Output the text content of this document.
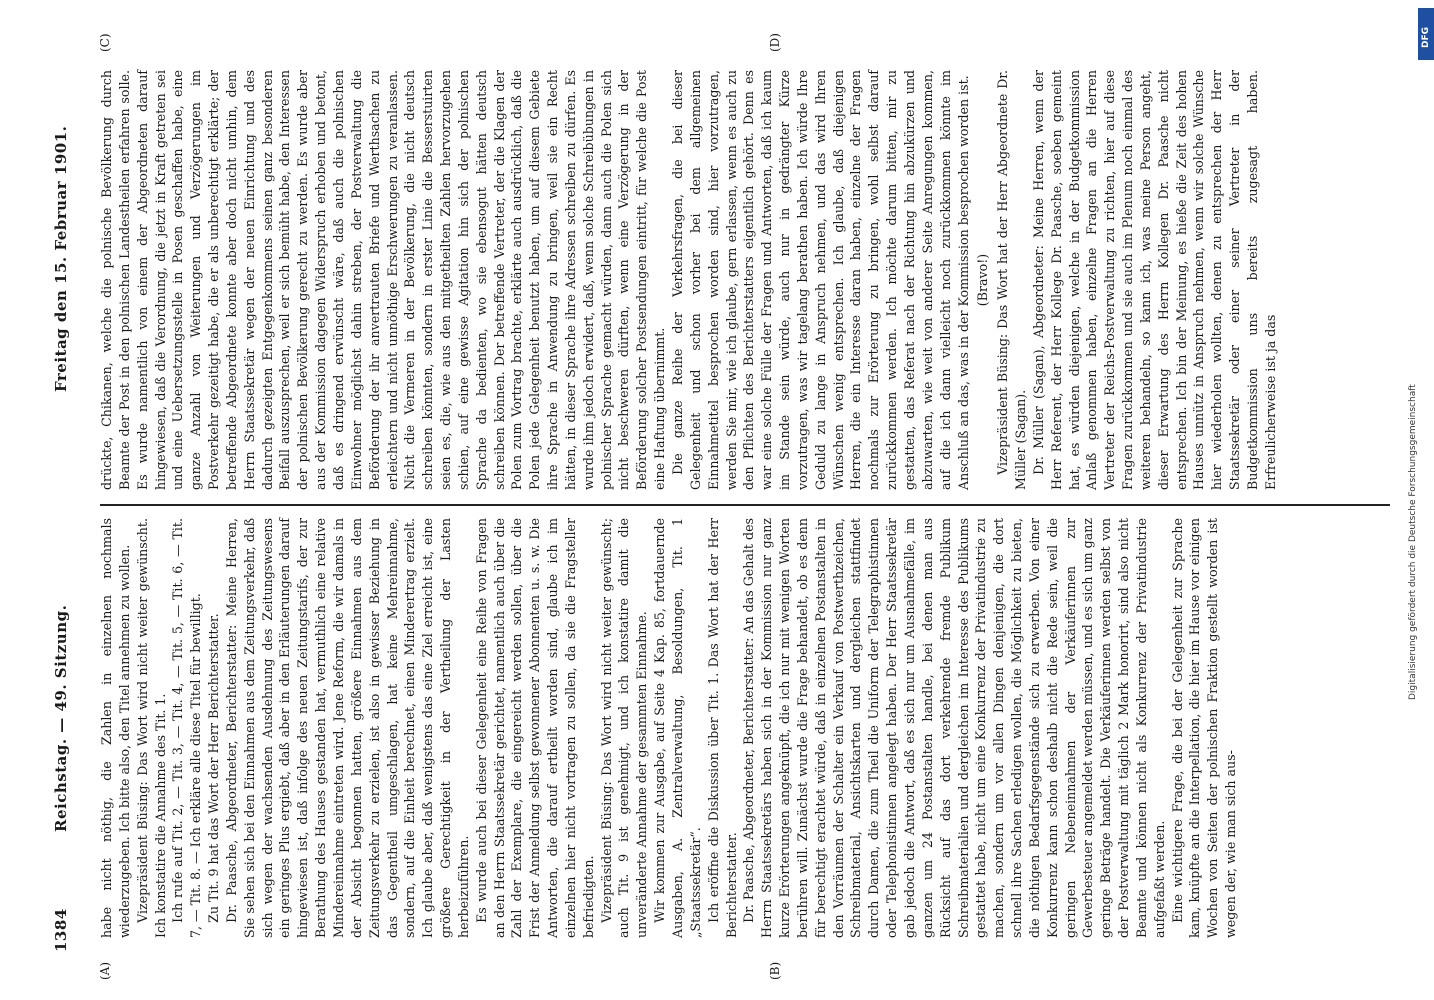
1384
Reichstag. — 49. Sitzung.
Freitag den 15. Februar 1901.
(A)	(B)
(C)	(D)

habe nicht nöthig, die Zahlen in einzelnen nochmals wiederzugeben. Ich bitte also, den Titel annehmen zu wollen. Vizepräsident Büsing: Das Wort wird nicht weiter gewünscht. Ich konstatire die Annahme des Tit. 1. Ich rufe auf Tit. 2, — Tit. 3, — Tit. 4, — Tit. 5, — Tit. 6, — Tit. 7, — Tit. 8. — Ich erkläre alle diese Titel für bewilligt. Zu Tit. 9 hat das Wort der Herr Berichterstatter. Dr. Paasche, Abgeordneter, Berichterstatter: Meine Herren, Sie sehen sich bei den Einnahmen aus dem Zeitungsverkehr, daß sich wegen der wachsenden Ausdehnung des Zeitungswesens ein geringes Plus ergiebt, daß aber in den Erläuterungen darauf hingewiesen ist, daß infolge des neuen Zeitungstarifs, der zur Berathung des Hauses gestanden hat, vermuthlich eine relative Mindereinnahme eintreten wird. Jene Reform, die wir damals in der Absicht begonnen hatten, größere Einnahmen aus dem Zeitungsverkehr zu erzielen, ist also in gewisser Beziehung in das Gegentheil umgeschlagen, hat keine Mehreinnahme, sondern, auf die Einheit berechnet, einen Minderertrag erzielt. Ich glaube aber, daß wenigstens das eine Ziel erreicht ist, eine größere Gerechtigkeit in der Vertheilung der Lasten herbeizuführen. Es wurde auch bei dieser Gelegenheit eine Reihe von Fragen an den Herrn Staatssekretär gerichtet, namentlich auch über die Zahl der Exemplare, die eingereicht werden sollen, über die Frist der Anmeldung selbst gewonnener Abonnenten u. s. w. Die Antworten, die darauf ertheilt worden sind, glaube ich im einzelnen hier nicht vortragen zu sollen, da sie die Fragsteller befriedigten. Vizepräsident Büsing: Das Wort wird nicht weiter gewünscht; auch Tit. 9 ist genehmigt, und ich konstatire damit die unveränderte Annahme der gesammten Einnahme. Wir kommen zur Ausgabe, auf Seite 4 Kap. 85, fortdauernde Ausgaben, A. Zentralverwaltung, Besoldungen, Tit. 1 „Staatssekretär“. Ich eröffne die Diskussion über Tit. 1. Das Wort hat der Herr Berichterstatter. Dr. Paasche, Abgeordneter, Berichterstatter: An das Gehalt des Herrn Staatssekretärs haben sich in der Kommission nur ganz kurze Erörterungen angeknüpft, die ich nur mit wenigen Worten berühren will. Zunächst wurde die Frage behandelt, ob es denn für berechtigt erachtet würde, daß in einzelnen Postanstalten in den Vorräumen der Schalter ein Verkauf von Postwerthzeichen, Schreibmaterial, Ansichtskarten und dergleichen stattfindet durch Damen, die zum Theil die Uniform der Telegraphistinnen oder Telephonistinnen angelegt haben. Der Herr Staatssekretär gab jedoch die Antwort, daß es sich nur um Ausnahmefälle, im ganzen um 24 Postanstalten handle, bei denen man aus Rücksicht auf das dort verkehrende fremde Publikum Schreibmaterialien und dergleichen im Interesse des Publikums gestattet habe, nicht um eine Konkurrenz der Privatindustrie zu machen, sondern um vor allen Dingen denjenigen, die dort schnell ihre Sachen erledigen wollen, die Möglichkeit zu bieten, die nöthigen Bedarfsgegenstände sich zu erwerben. Von einer Konkurrenz kann schon deshalb nicht die Rede sein, weil die geringen Nebeneinnahmen der Verkäuferinnen zur Gewerbesteuer angemeldet werden müssen, und es sich um ganz geringe Beträge handelt. Die Verkäuferinnen werden selbst von der Postverwaltung mit täglich 2 Mark honorirt, sind also nicht Beamte und können nicht als Konkurrenz der Privatindustrie aufgefaßt werden. Eine wichtigere Frage, die bei der Gelegenheit zur Sprache kam, knüpfte an die Interpellation, die hier im Hause vor einigen Wochen von Seiten der polnischen Fraktion gestellt worden ist wegen der, wie man sich aus-

drückte, Chikanen, welche die polnische Bevölkerung durch Beamte der Post in den polnischen Landestheilen erfahren solle. Es wurde namentlich von einem der Abgeordneten darauf hingewiesen, daß die Verordnung, die jetzt in Kraft getreten sei und eine Uebersetzungsstelle in Posen geschaffen habe, eine ganze Anzahl von Weiterungen und Verzögerungen im Postverkehr gezeitigt habe, die er als unberechtigt erklärte; der betreffende Abgeordnete konnte aber doch nicht umhin, dem Herrn Staatssekretär wegen der neuen Einrichtung und des dadurch gezeigten Entgegenkommens seinen ganz besonderen Beifall auszusprechen, weil er sich bemüht habe, den Interessen der polnischen Bevölkerung gerecht zu werden. Es wurde aber aus der Kommission dagegen Widerspruch erhoben und betont, daß es dringend erwünscht wäre, daß auch die polnischen Einwohner möglichst dahin streben, der Postverwaltung die Beförderung der ihr anvertrauten Briefe und Werthsachen zu erleichtern und nicht unnöthige Erschwerungen zu veranlassen. Nicht die Vermeren in der Bevölkerung, die nicht deutsch schreiben könnten, sondern in erster Linie die Besserstuirten seien es, die, wie aus den mitgetheilten Zahlen hervorzugehen schien, auf eine gewisse Agitation hin sich der polnischen Sprache da bedienten, wo sie ebensogut hätten deutsch schreiben können. Der betreffende Vertreter, der die Klagen der Polen zum Vortrag brachte, erklärte auch ausdrücklich, daß die Polen jede Gelegenheit benutzt haben, um auf diesem Gebiete ihre Sprache in Anwendung zu bringen, weil sie ein Recht hätten, in dieser Sprache ihre Adressen schreiben zu dürfen. Es wurde ihm jedoch erwidert, daß, wenn solche Schreibübungen in polnischer Sprache gemacht würden, dann auch die Polen sich nicht beschweren dürften, wenn eine Verzögerung in der Beförderung solcher Postsendungen eintritt, für welche die Post eine Haftung übernimmt. Die ganze Reihe der Verkehrsfragen, die bei dieser Gelegenheit und schon vorher bei dem allgemeinen Einnahmetitel besprochen worden sind, hier vorzutragen, werden Sie mir, wie ich glaube, gern erlassen, wenn es auch zu den Pflichten des Berichterstatters eigentlich gehört. Denn es war eine solche Fülle der Fragen und Antworten, daß ich kaum im Stande sein würde, auch nur in gedrängter Kürze vorzutragen, was wir tagelang berathen haben. Ich würde Ihre Geduld zu lange in Anspruch nehmen, und das wird Ihren Wünschen wenig entsprechen. Ich glaube, daß diejenigen Herren, die ein Interesse daran haben, einzelne der Fragen nochmals zur Erörterung zu bringen, wohl selbst darauf zurückkommen werden. Ich möchte darum bitten, mir zu gestatten, das Referat nach der Richtung hin abzukürzen und abzuwarten, wie weit von anderer Seite Anregungen kommen, auf die ich dann vielleicht noch zurückkommen könnte im Anschluß an das, was in der Kommission besprochen worden ist. (Bravo!) Vizepräsident Büsing: Das Wort hat der Herr Abgeordnete Dr. Müller (Sagan). Dr. Müller (Sagan), Abgeordneter: Meine Herren, wenn der Herr Referent, der Herr Kollege Dr. Paasche, soeben gemeint hat, es würden diejenigen, welche in der Budgetkommission Anlaß genommen haben, einzelne Fragen an die Herren Vertreter der Reichs-Postverwaltung zu richten, hier auf diese Fragen zurückkommen und sie auch im Plenum noch einmal des weiteren behandeln, so kann ich, was meine Person angeht, dieser Erwartung des Herrn Kollegen Dr. Paasche nicht entsprechen. Ich bin der Meinung, es hieße die Zeit des hohen Hauses unnütz in Anspruch nehmen, wenn wir solche Wünsche hier wiederholen wollten, denen zu entsprechen der Herr Staatssekretär oder einer seiner Vertreter in der Budgetkommission uns bereits zugesagt haben. Erfreulicherweise ist ja das	Digitalisierung gefördert durch die Deutsche Forschungsgemeinschaft
DFG
